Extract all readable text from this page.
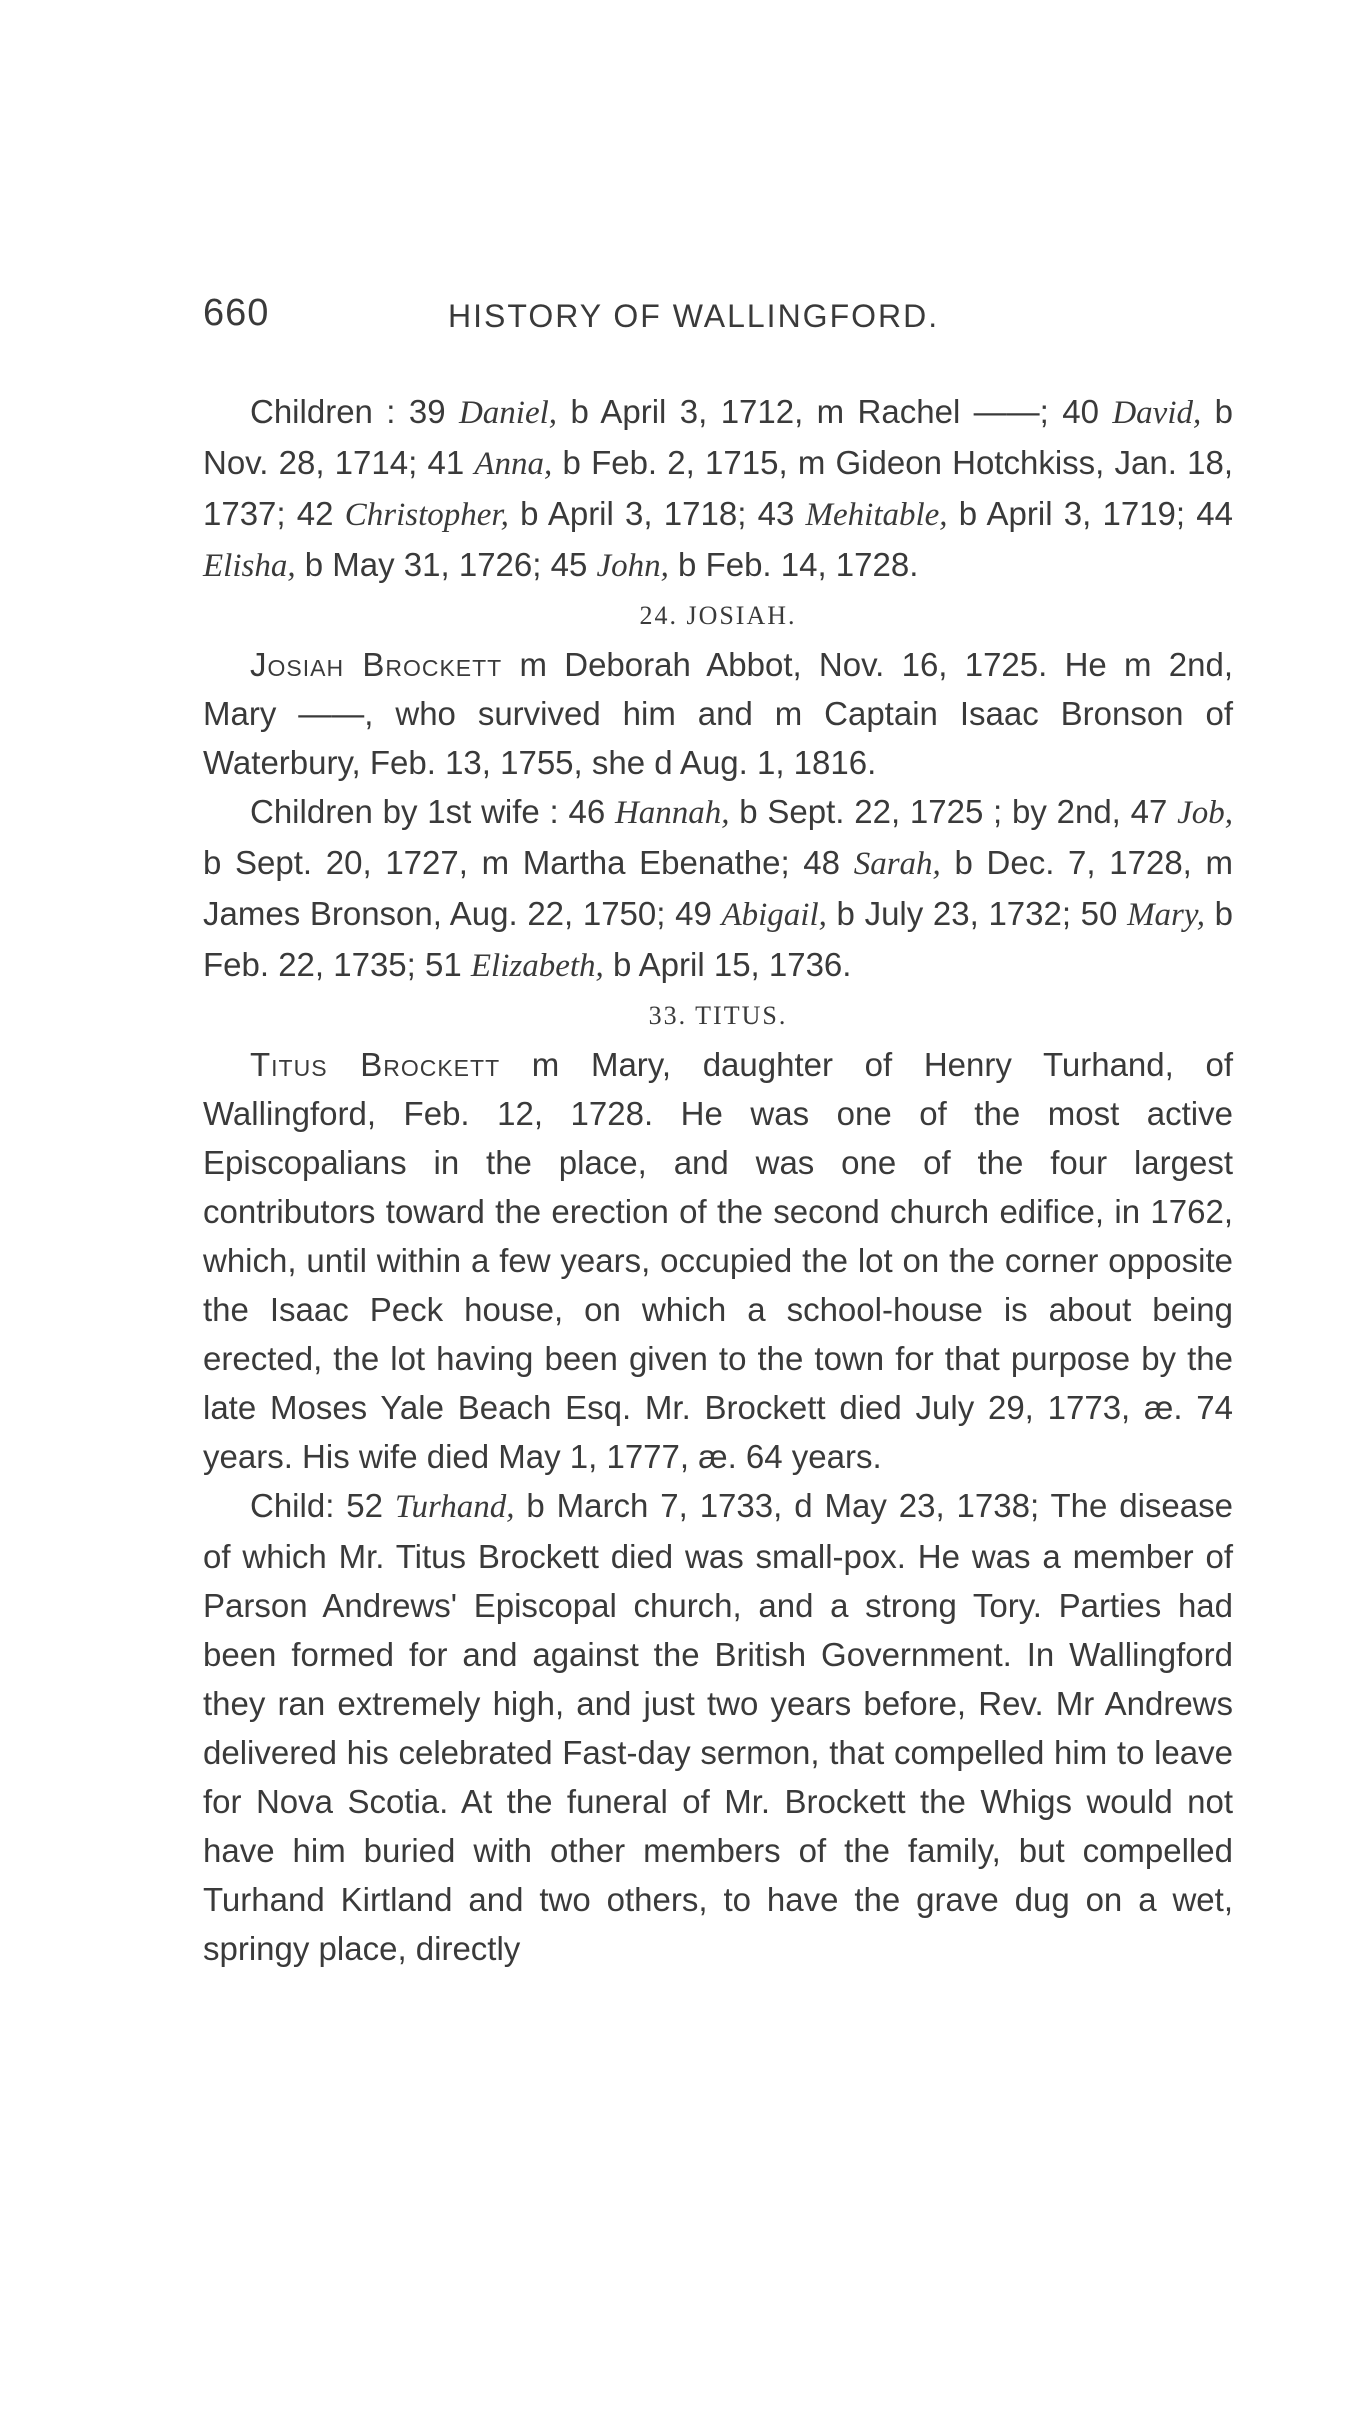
660	HISTORY OF WALLINGFORD.

Children : 39 Daniel, b April 3, 1712, m Rachel ——; 40 David, b Nov. 28, 1714; 41 Anna, b Feb. 2, 1715, m Gideon Hotchkiss, Jan. 18, 1737; 42 Christopher, b April 3, 1718; 43 Mehitable, b April 3, 1719; 44 Elisha, b May 31, 1726; 45 John, b Feb. 14, 1728.

24. JOSIAH.

Josiah Brockett m Deborah Abbot, Nov. 16, 1725. He m 2nd, Mary ——, who survived him and m Captain Isaac Bronson of Waterbury, Feb. 13, 1755, she d Aug. 1, 1816.

Children by 1st wife : 46 Hannah, b Sept. 22, 1725 ; by 2nd, 47 Job, b Sept. 20, 1727, m Martha Ebenathe; 48 Sarah, b Dec. 7, 1728, m James Bronson, Aug. 22, 1750; 49 Abigail, b July 23, 1732; 50 Mary, b Feb. 22, 1735; 51 Elizabeth, b April 15, 1736.

33. TITUS.

Titus Brockett m Mary, daughter of Henry Turhand, of Wallingford, Feb. 12, 1728. He was one of the most active Episcopalians in the place, and was one of the four largest contributors toward the erection of the second church edifice, in 1762, which, until within a few years, occupied the lot on the corner opposite the Isaac Peck house, on which a school-house is about being erected, the lot having been given to the town for that purpose by the late Moses Yale Beach Esq. Mr. Brockett died July 29, 1773, æ. 74 years. His wife died May 1, 1777, æ. 64 years.

Child: 52 Turhand, b March 7, 1733, d May 23, 1738; The disease of which Mr. Titus Brockett died was small-pox. He was a member of Parson Andrews' Episcopal church, and a strong Tory. Parties had been formed for and against the British Government. In Wallingford they ran extremely high, and just two years before, Rev. Mr Andrews delivered his celebrated Fast-day sermon, that compelled him to leave for Nova Scotia. At the funeral of Mr. Brockett the Whigs would not have him buried with other members of the family, but compelled Turhand Kirtland and two others, to have the grave dug on a wet, springy place, directly
